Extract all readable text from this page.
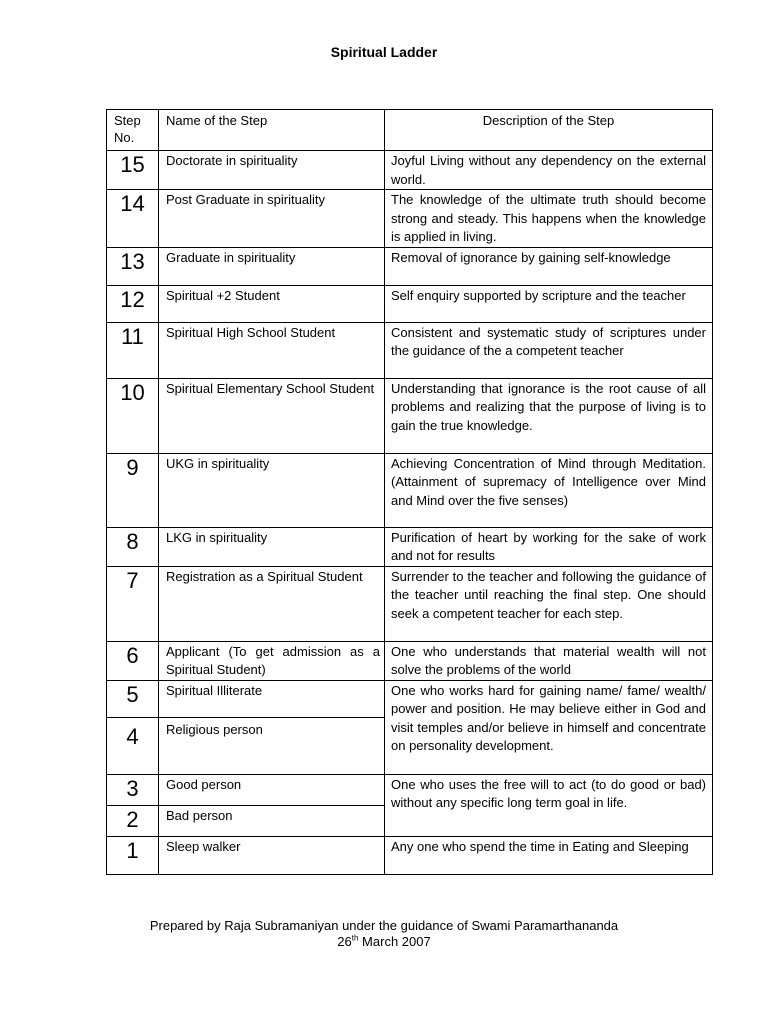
Spiritual Ladder
Step No.	Name of the Step	Description of the Step
15	Doctorate in spirituality	Joyful Living without any dependency on the external world.
14	Post Graduate in spirituality	The knowledge of the ultimate truth should become strong and steady. This happens when the knowledge is applied in living.
13	Graduate in spirituality	Removal of ignorance by gaining self-knowledge
12	Spiritual +2 Student	Self enquiry supported by scripture and the teacher
11	Spiritual High School Student	Consistent and systematic study of scriptures under the guidance of the a competent teacher
10	Spiritual Elementary School Student	Understanding that ignorance is the root cause of all problems and realizing that the purpose of living is to gain the true knowledge.
9	UKG in spirituality	Achieving Concentration of Mind through Meditation. (Attainment of supremacy of Intelligence over Mind and Mind over the five senses)
8	LKG in spirituality	Purification of heart by working for the sake of work and not for results
7	Registration as a Spiritual Student	Surrender to the teacher and following the guidance of the teacher until reaching the final step. One should seek a competent teacher for each step.
6	Applicant (To get admission as a Spiritual Student)	One who understands that material wealth will not solve the problems of the world
5	Spiritual Illiterate	One who works hard for gaining name/ fame/ wealth/ power and position. He may believe either in God and visit temples and/or believe in himself and concentrate on personality development.
4	Religious person	
3	Good person	One who uses the free will to act (to do good or bad) without any specific long term goal in life.
2	Bad person	
1	Sleep walker	Any one who spend the time in Eating and Sleeping
Prepared by Raja Subramaniyan under the guidance of Swami Paramarthananda
26th March 2007
